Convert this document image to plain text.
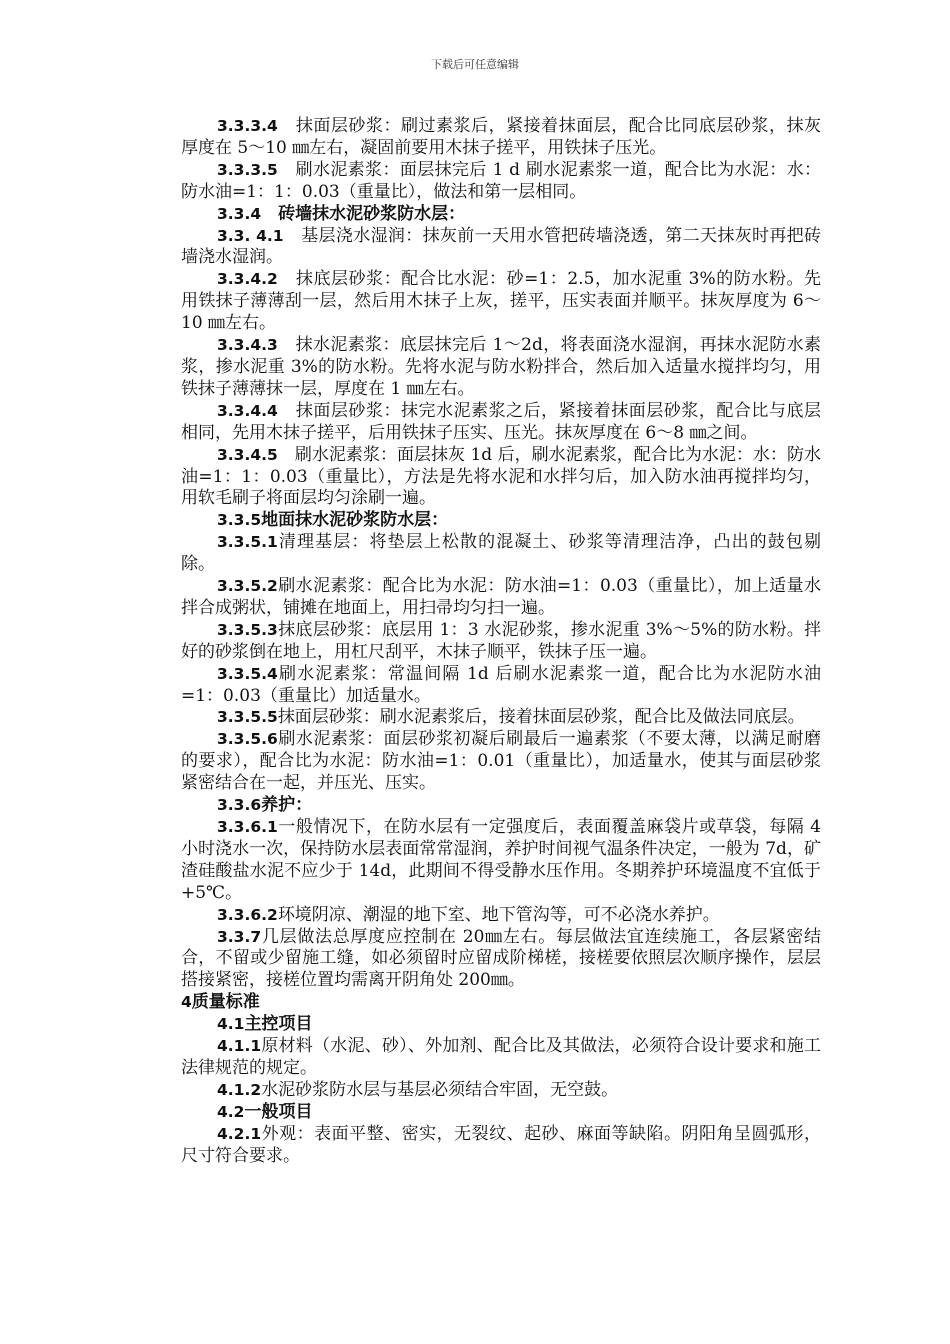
下载后可任意编辑

3.3.3.4　抹面层砂浆：刷过素浆后，紧接着抹面层，配合比同底层砂浆，抹灰厚度在 5～10 ㎜左右，凝固前要用木抹子搓平，用铁抹子压光。

3.3.3.5　刷水泥素浆：面层抹完后 1 d 刷水泥素浆一道，配合比为水泥：水：防水油=1：1：0.03（重量比），做法和第一层相同。

3.3.4　砖墙抹水泥砂浆防水层：

3.3. 4.1　基层浇水湿润：抹灰前一天用水管把砖墙浇透，第二天抹灰时再把砖墙浇水湿润。

3.3.4.2　抹底层砂浆：配合比水泥：砂=1：2.5，加水泥重 3%的防水粉。先用铁抹子薄薄刮一层，然后用木抹子上灰，搓平，压实表面并顺平。抹灰厚度为 6～10 ㎜左右。

3.3.4.3　抹水泥素浆：底层抹完后 1～2d，将表面浇水湿润，再抹水泥防水素浆，掺水泥重 3%的防水粉。先将水泥与防水粉拌合，然后加入适量水搅拌均匀，用铁抹子薄薄抹一层，厚度在 1 ㎜左右。

3.3.4.4　抹面层砂浆：抹完水泥素浆之后，紧接着抹面层砂浆，配合比与底层相同，先用木抹子搓平，后用铁抹子压实、压光。抹灰厚度在 6～8 ㎜之间。

3.3.4.5　刷水泥素浆：面层抹灰 1d 后，刷水泥素浆，配合比为水泥：水：防水油=1：1：0.03（重量比），方法是先将水泥和水拌匀后，加入防水油再搅拌均匀，用软毛刷子将面层均匀涂刷一遍。

3.3.5地面抹水泥砂浆防水层：

3.3.5.1清理基层：将垫层上松散的混凝土、砂浆等清理洁净，凸出的鼓包剔除。

3.3.5.2刷水泥素浆：配合比为水泥：防水油=1：0.03（重量比），加上适量水拌合成粥状，铺摊在地面上，用扫帚均匀扫一遍。

3.3.5.3抹底层砂浆：底层用 1：3 水泥砂浆，掺水泥重 3%～5%的防水粉。拌好的砂浆倒在地上，用杠尺刮平，木抹子顺平，铁抹子压一遍。

3.3.5.4刷水泥素浆：常温间隔 1d 后刷水泥素浆一道，配合比为水泥防水油=1：0.03（重量比）加适量水。

3.3.5.5抹面层砂浆：刷水泥素浆后，接着抹面层砂浆，配合比及做法同底层。

3.3.5.6刷水泥素浆：面层砂浆初凝后刷最后一遍素浆（不要太薄，以满足耐磨的要求），配合比为水泥：防水油=1：0.01（重量比），加适量水，使其与面层砂浆紧密结合在一起，并压光、压实。

3.3.6养护：

3.3.6.1一般情况下，在防水层有一定强度后，表面覆盖麻袋片或草袋，每隔 4 小时浇水一次，保持防水层表面常常湿润，养护时间视气温条件决定，一般为 7d，矿渣硅酸盐水泥不应少于 14d，此期间不得受静水压作用。冬期养护环境温度不宜低于+5℃。

3.3.6.2环境阴凉、潮湿的地下室、地下管沟等，可不必浇水养护。

3.3.7几层做法总厚度应控制在 20㎜左右。每层做法宜连续施工，各层紧密结合，不留或少留施工缝，如必须留时应留成阶梯槎，接槎要依照层次顺序操作，层层搭接紧密，接槎位置均需离开阴角处 200㎜。

4质量标准

4.1主控项目

4.1.1原材料（水泥、砂）、外加剂、配合比及其做法，必须符合设计要求和施工法律规范的规定。

4.1.2水泥砂浆防水层与基层必须结合牢固，无空鼓。

4.2一般项目

4.2.1外观：表面平整、密实，无裂纹、起砂、麻面等缺陷。阴阳角呈圆弧形，尺寸符合要求。
